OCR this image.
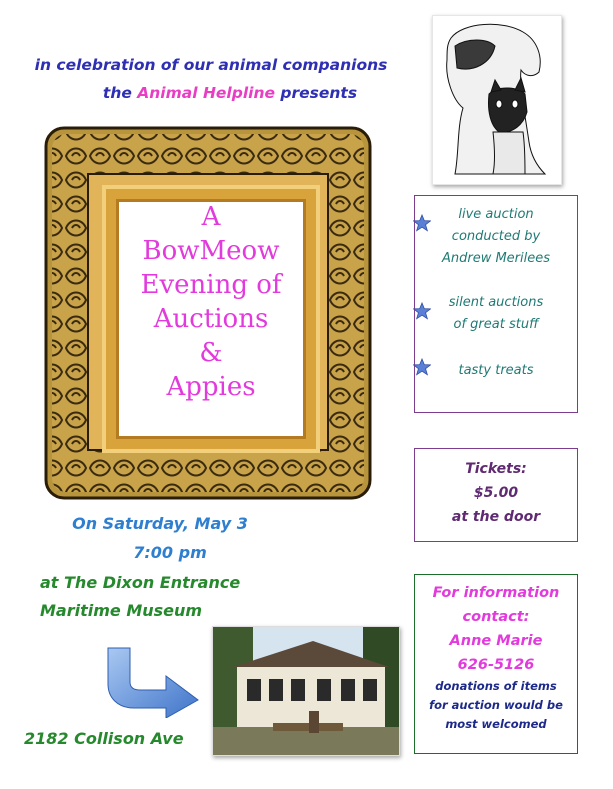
in celebration of our animal companions
the Animal Helpline presents
A
BowMeow
Evening of
Auctions
&
Appies
live auction
conducted by
Andrew Merilees
silent auctions
of great stuff
tasty treats
Tickets:
$5.00
at the door
On Saturday, May 3
7:00 pm
at The Dixon Entrance
Maritime Museum
2182 Collison Ave
For information
contact:
Anne Marie
626-5126
donations of items
for auction would be
most welcomed
